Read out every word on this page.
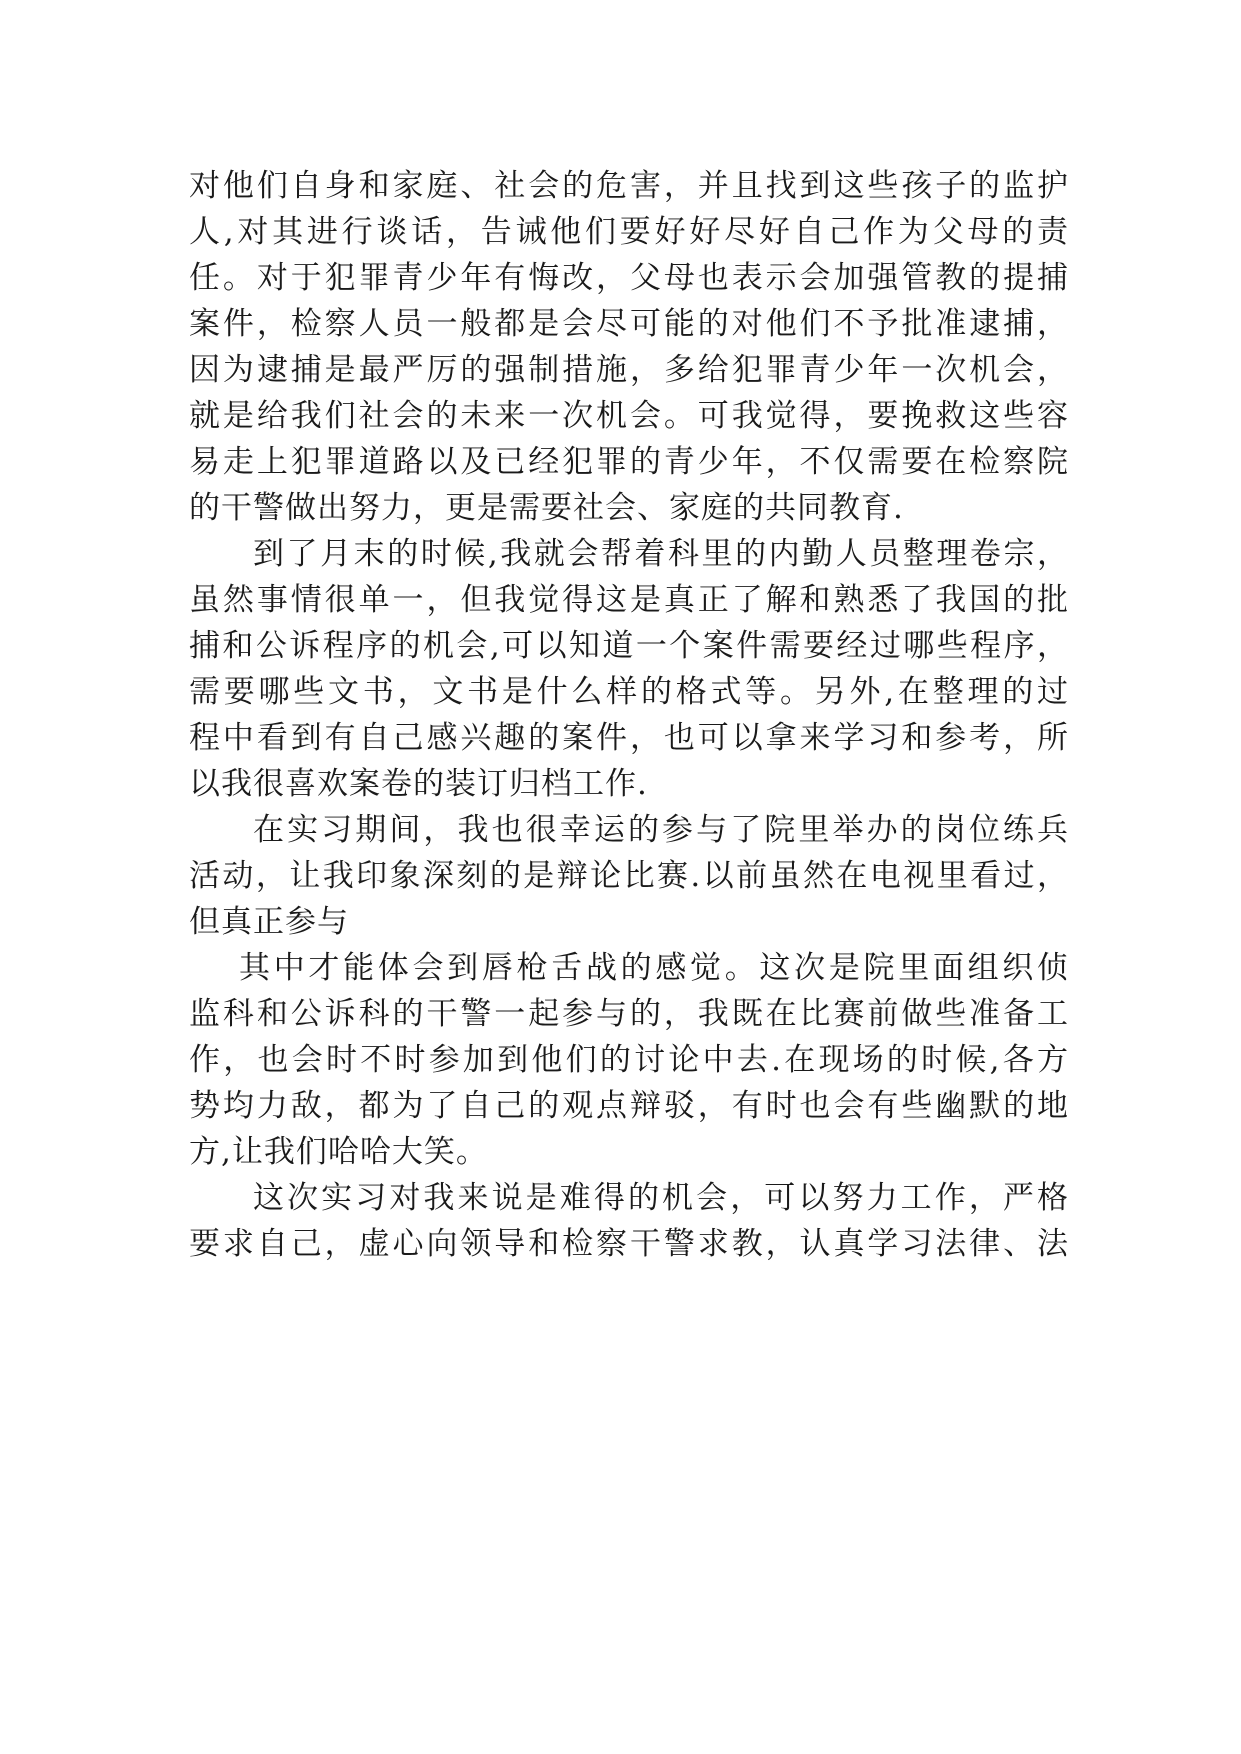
对他们自身和家庭、社会的危害，并且找到这些孩子的监护
人,对其进行谈话，告诫他们要好好尽好自己作为父母的责
任。对于犯罪青少年有悔改，父母也表示会加强管教的提捕
案件，检察人员一般都是会尽可能的对他们不予批准逮捕，
因为逮捕是最严厉的强制措施，多给犯罪青少年一次机会，
就是给我们社会的未来一次机会。可我觉得，要挽救这些容
易走上犯罪道路以及已经犯罪的青少年，不仅需要在检察院
的干警做出努力，更是需要社会、家庭的共同教育.
到了月末的时候,我就会帮着科里的内勤人员整理卷宗，
虽然事情很单一，但我觉得这是真正了解和熟悉了我国的批
捕和公诉程序的机会,可以知道一个案件需要经过哪些程序，
需要哪些文书，文书是什么样的格式等。另外,在整理的过
程中看到有自己感兴趣的案件，也可以拿来学习和参考，所
以我很喜欢案卷的装订归档工作.
在实习期间，我也很幸运的参与了院里举办的岗位练兵
活动，让我印象深刻的是辩论比赛.以前虽然在电视里看过，
但真正参与
其中才能体会到唇枪舌战的感觉。这次是院里面组织侦
监科和公诉科的干警一起参与的，我既在比赛前做些准备工
作，也会时不时参加到他们的讨论中去.在现场的时候,各方
势均力敌，都为了自己的观点辩驳，有时也会有些幽默的地
方,让我们哈哈大笑。
这次实习对我来说是难得的机会，可以努力工作，严格
要求自己，虚心向领导和检察干警求教，认真学习法律、法
